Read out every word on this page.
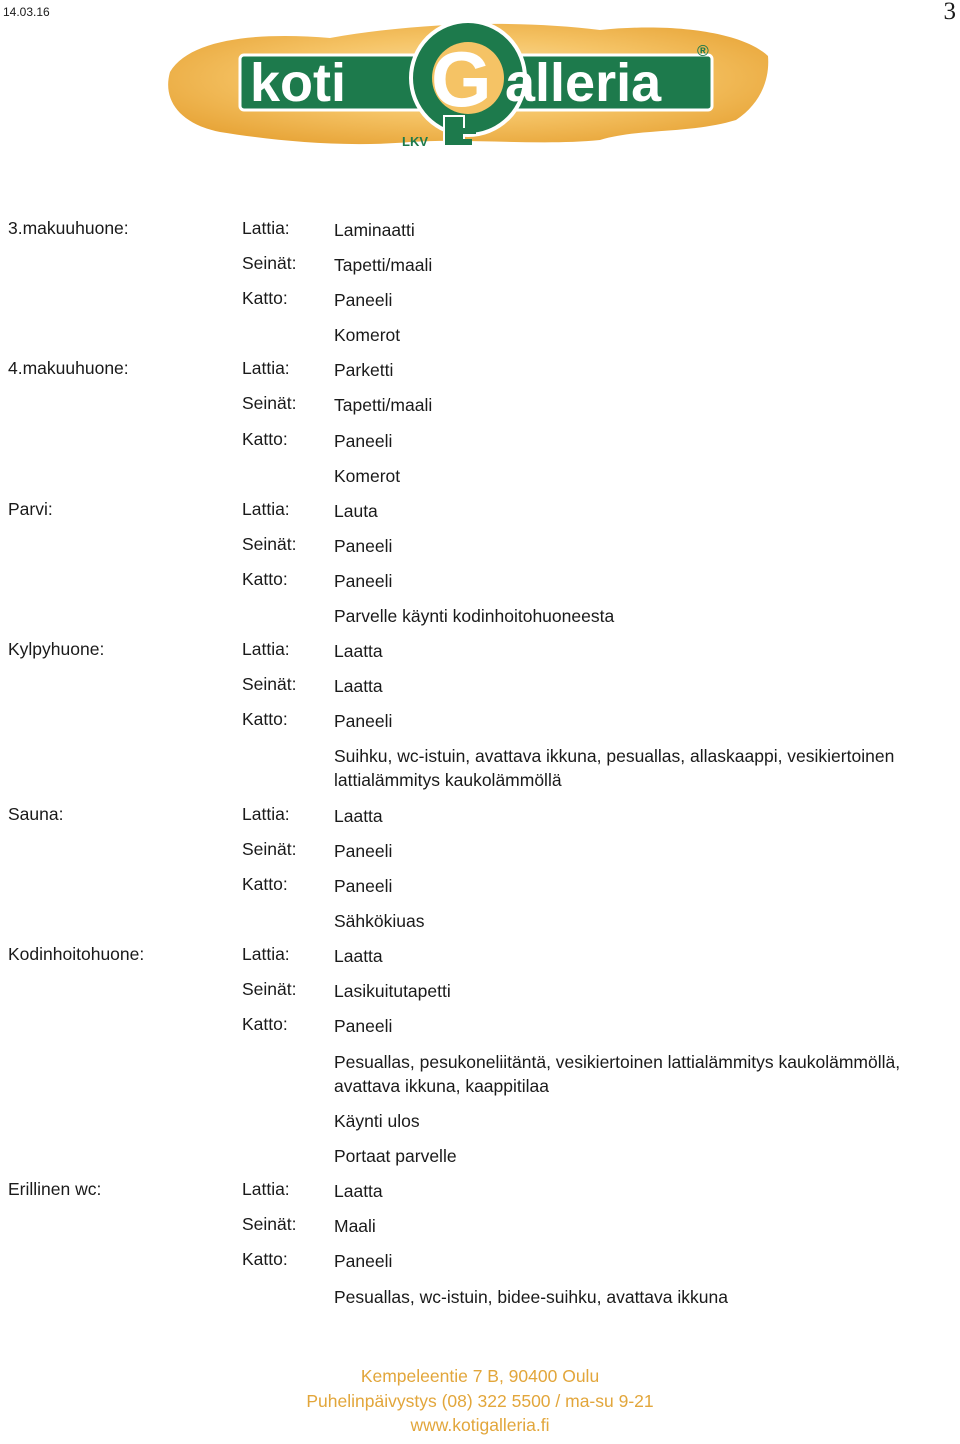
14.03.16	3
koti G alleria
®
LKV
3.makuuhuone:	Lattia:	Laminaatti
Seinät: Tapetti/maali
Katto:	Paneeli
Komerot
4.makuuhuone:	Lattia:	Parketti
Seinät: Tapetti/maali
Katto:	Paneeli
Komerot
Parvi:	Lattia:	Lauta
Seinät: Paneeli
Katto:	Paneeli
Parvelle käynti kodinhoitohuoneesta
Kylpyhuone:	Lattia:	Laatta
Seinät: Laatta
Katto:	Paneeli
Suihku, wc-istuin, avattava ikkuna, pesuallas, allaskaappi, vesikiertoinen lattialämmitys kaukolämmöllä
Sauna:	Lattia:	Laatta
Seinät: Paneeli
Katto:	Paneeli
Sähkökiuas
Kodinhoitohuone:	Lattia:	Laatta
Seinät: Lasikuitutapetti
Katto:	Paneeli
Pesuallas, pesukoneliitäntä, vesikiertoinen lattialämmitys kaukolämmöllä, avattava ikkuna, kaappitilaa
Käynti ulos
Portaat parvelle
Erillinen wc:	Lattia:	Laatta
Seinät: Maali
Katto:	Paneeli
Pesuallas, wc-istuin, bidee-suihku, avattava ikkuna
Kempeleentie 7 B, 90400 Oulu
Puhelinpäivystys (08) 322 5500 / ma-su 9-21
www.kotigalleria.fi
